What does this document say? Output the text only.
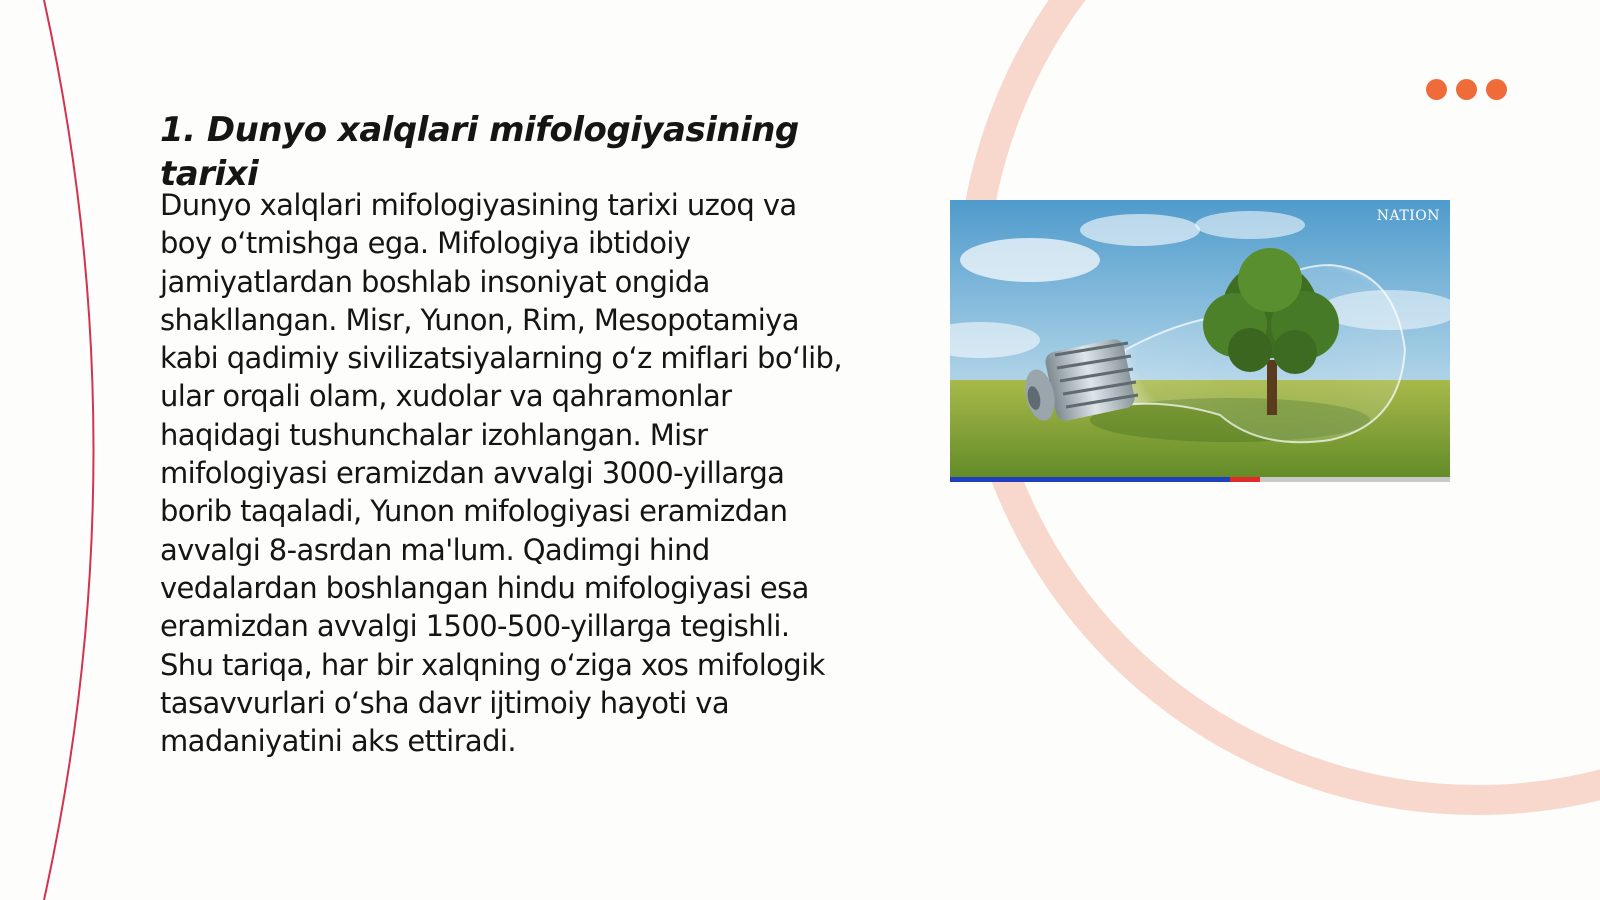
1. Dunyo xalqlari mifologiyasining tarixi

Dunyo xalqlari mifologiyasining tarixi uzoq va boy o‘tmishga ega. Mifologiya ibtidoiy jamiyatlardan boshlab insoniyat ongida shakllangan. Misr, Yunon, Rim, Mesopotamiya kabi qadimiy sivilizatsiyalarning o‘z miflari bo‘lib, ular orqali olam, xudolar va qahramonlar haqidagi tushunchalar izohlangan. Misr mifologiyasi eramizdan avvalgi 3000-yillarga borib taqaladi, Yunon mifologiyasi eramizdan avvalgi 8-asrdan ma'lum. Qadimgi hind vedalardan boshlangan hindu mifologiyasi esa eramizdan avvalgi 1500-500-yillarga tegishli. Shu tariqa, har bir xalqning o‘ziga xos mifologik tasavvurlari o‘sha davr ijtimoiy hayoti va madaniyatini aks ettiradi.

NATION
